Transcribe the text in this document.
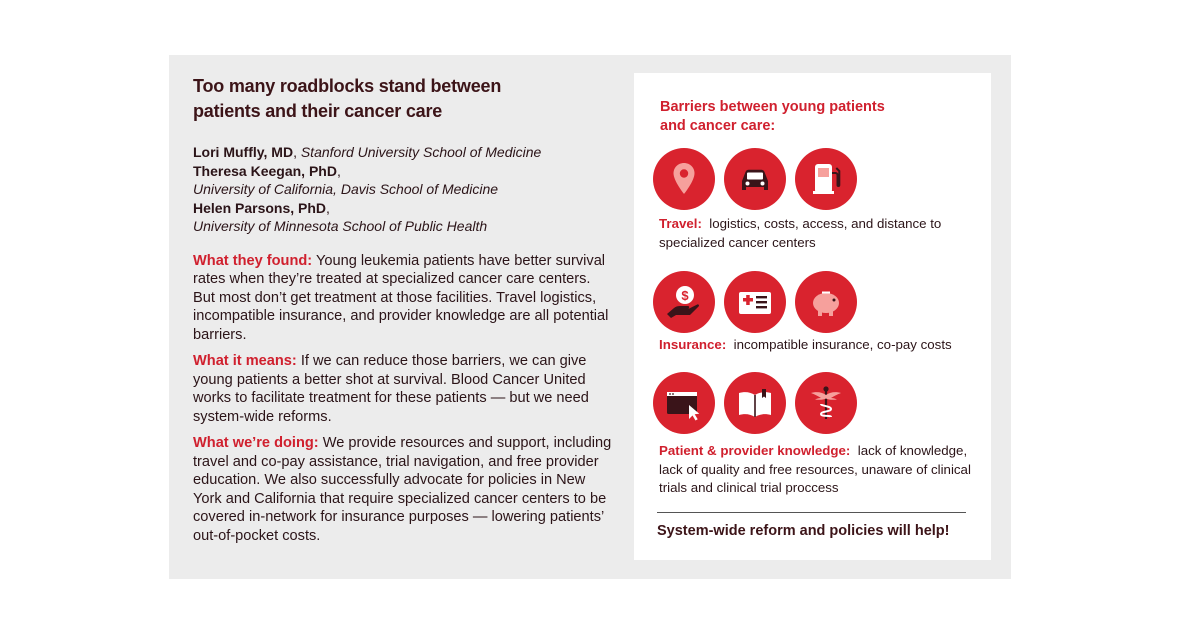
Too many roadblocks stand between
patients and their cancer care
Lori Muffly, MD, Stanford University School of Medicine
Theresa Keegan, PhD,
University of California, Davis School of Medicine
Helen Parsons, PhD,
University of Minnesota School of Public Health

What they found: Young leukemia patients have better survival rates when they’re treated at specialized cancer care centers. But most don’t get treatment at those facilities. Travel logistics, incompatible insurance, and provider knowledge are all potential barriers.

What it means: If we can reduce those barriers, we can give young patients a better shot at survival. Blood Cancer United works to facilitate treatment for these patients — but we need system-wide reforms.

What we’re doing: We provide resources and support, including travel and co-pay assistance, trial navigation, and free provider education. We also successfully advocate for policies in New York and California that require specialized cancer centers to be covered in-network for insurance purposes — lowering patients’ out-of-pocket costs.

Barriers between young patients
and cancer care:
Travel: logistics, costs, access, and distance to specialized cancer centers
$
Insurance: incompatible insurance, co-pay costs
Patient & provider knowledge: lack of knowledge, lack of quality and free resources, unaware of clinical trials and clinical trial proccess
System-wide reform and policies will help!
